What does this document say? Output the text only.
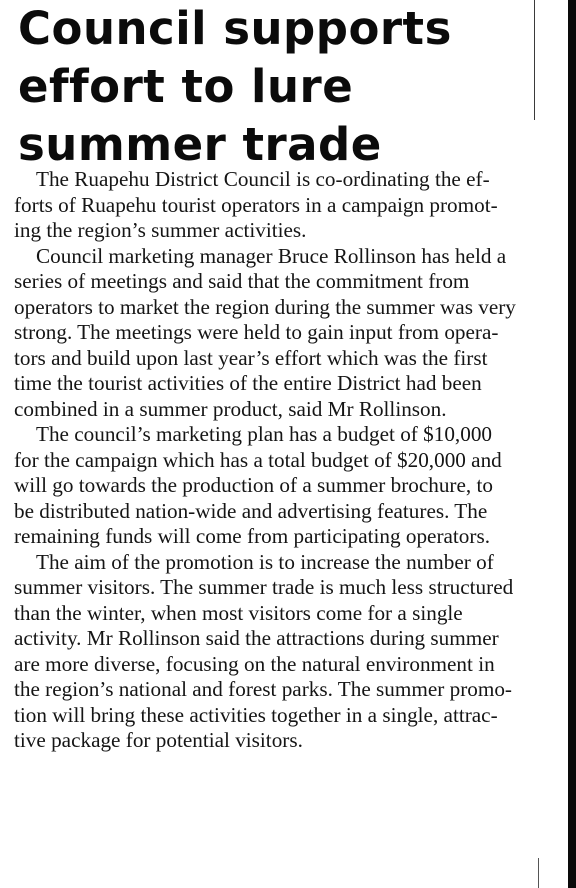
Council supports
effort to lure
summer trade

The Ruapehu District Council is co-ordinating the ef-
forts of Ruapehu tourist operators in a campaign promot-
ing the region’s summer activities.

Council marketing manager Bruce Rollinson has held a
series of meetings and said that the commitment from
operators to market the region during the summer was very
strong. The meetings were held to gain input from opera-
tors and build upon last year’s effort which was the first
time the tourist activities of the entire District had been
combined in a summer product, said Mr Rollinson.

The council’s marketing plan has a budget of $10,000
for the campaign which has a total budget of $20,000 and
will go towards the production of a summer brochure, to
be distributed nation-wide and advertising features. The
remaining funds will come from participating operators.

The aim of the promotion is to increase the number of
summer visitors. The summer trade is much less structured
than the winter, when most visitors come for a single
activity. Mr Rollinson said the attractions during summer
are more diverse, focusing on the natural environment in
the region’s national and forest parks. The summer promo-
tion will bring these activities together in a single, attrac-
tive package for potential visitors.
